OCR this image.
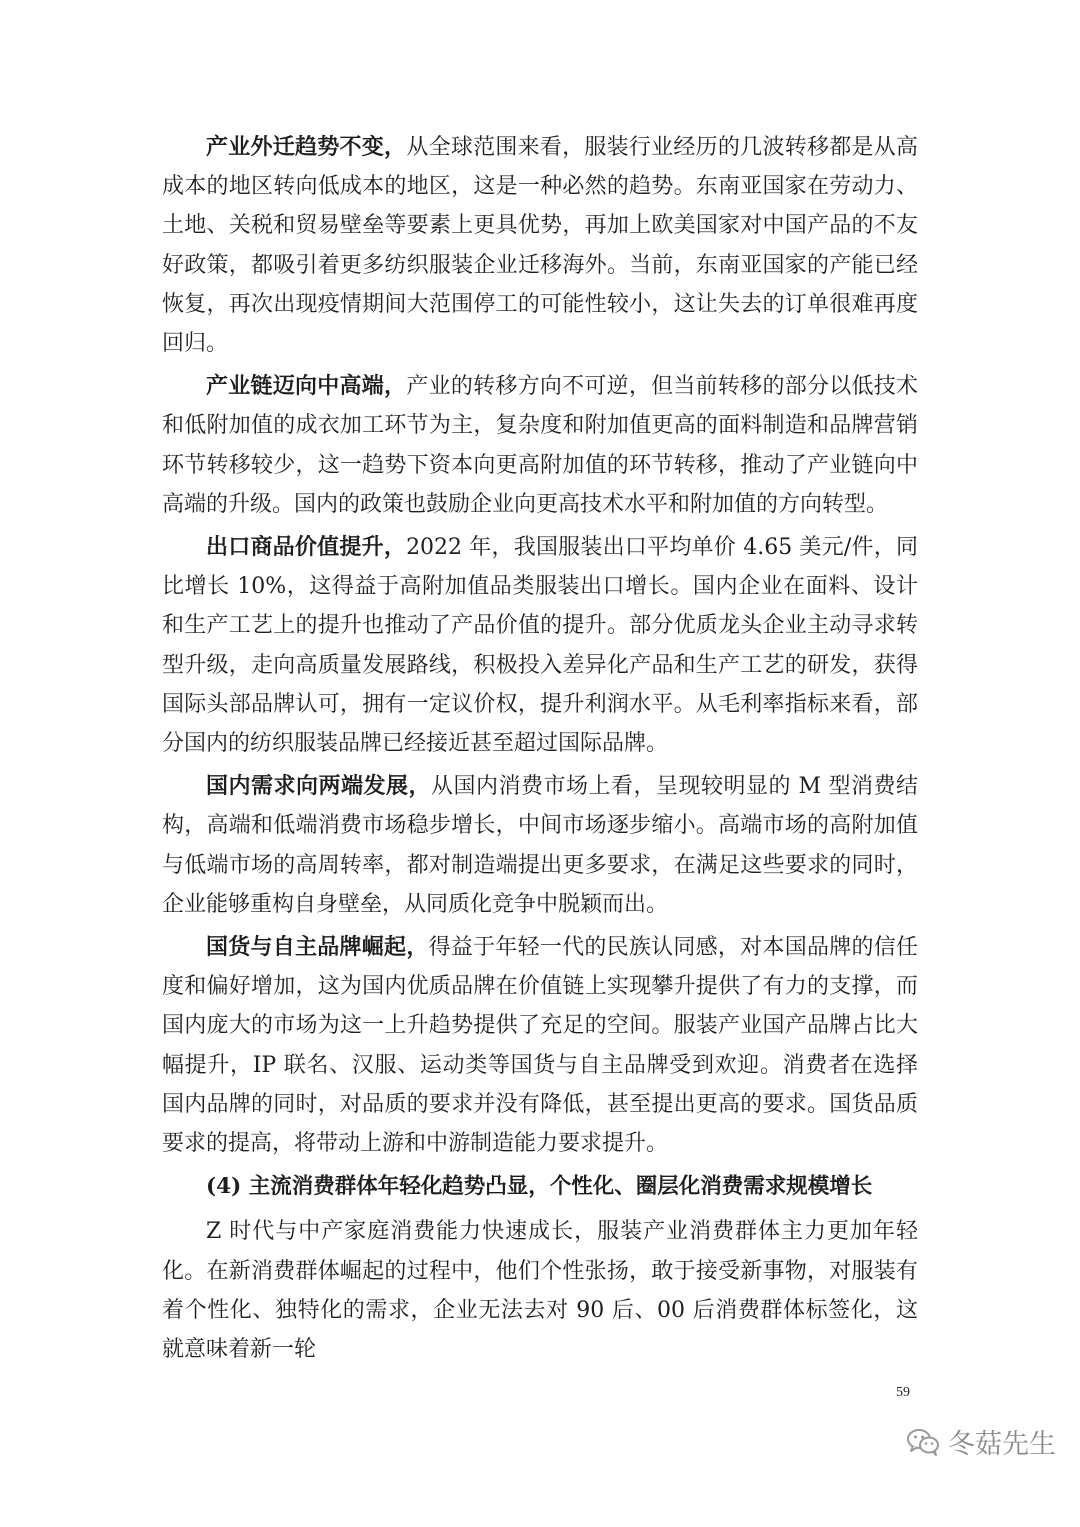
产业外迁趋势不变，从全球范围来看，服装行业经历的几波转移都是从高成本的地区转向低成本的地区，这是一种必然的趋势。东南亚国家在劳动力、土地、关税和贸易壁垒等要素上更具优势，再加上欧美国家对中国产品的不友好政策，都吸引着更多纺织服装企业迁移海外。当前，东南亚国家的产能已经恢复，再次出现疫情期间大范围停工的可能性较小，这让失去的订单很难再度回归。

产业链迈向中高端，产业的转移方向不可逆，但当前转移的部分以低技术和低附加值的成衣加工环节为主，复杂度和附加值更高的面料制造和品牌营销环节转移较少，这一趋势下资本向更高附加值的环节转移，推动了产业链向中高端的升级。国内的政策也鼓励企业向更高技术水平和附加值的方向转型。

出口商品价值提升，2022 年，我国服装出口平均单价 4.65 美元/件，同比增长 10%，这得益于高附加值品类服装出口增长。国内企业在面料、设计和生产工艺上的提升也推动了产品价值的提升。部分优质龙头企业主动寻求转型升级，走向高质量发展路线，积极投入差异化产品和生产工艺的研发，获得国际头部品牌认可，拥有一定议价权，提升利润水平。从毛利率指标来看，部分国内的纺织服装品牌已经接近甚至超过国际品牌。

国内需求向两端发展，从国内消费市场上看，呈现较明显的 M 型消费结构，高端和低端消费市场稳步增长，中间市场逐步缩小。高端市场的高附加值与低端市场的高周转率，都对制造端提出更多要求，在满足这些要求的同时，企业能够重构自身壁垒，从同质化竞争中脱颖而出。

国货与自主品牌崛起，得益于年轻一代的民族认同感，对本国品牌的信任度和偏好增加，这为国内优质品牌在价值链上实现攀升提供了有力的支撑，而国内庞大的市场为这一上升趋势提供了充足的空间。服装产业国产品牌占比大幅提升，IP 联名、汉服、运动类等国货与自主品牌受到欢迎。消费者在选择国内品牌的同时，对品质的要求并没有降低，甚至提出更高的要求。国货品质要求的提高，将带动上游和中游制造能力要求提升。

(4) 主流消费群体年轻化趋势凸显，个性化、圈层化消费需求规模增长

Z 时代与中产家庭消费能力快速成长，服装产业消费群体主力更加年轻化。在新消费群体崛起的过程中，他们个性张扬，敢于接受新事物，对服装有着个性化、独特化的需求，企业无法去对 90 后、00 后消费群体标签化，这就意味着新一轮

59
冬菇先生
